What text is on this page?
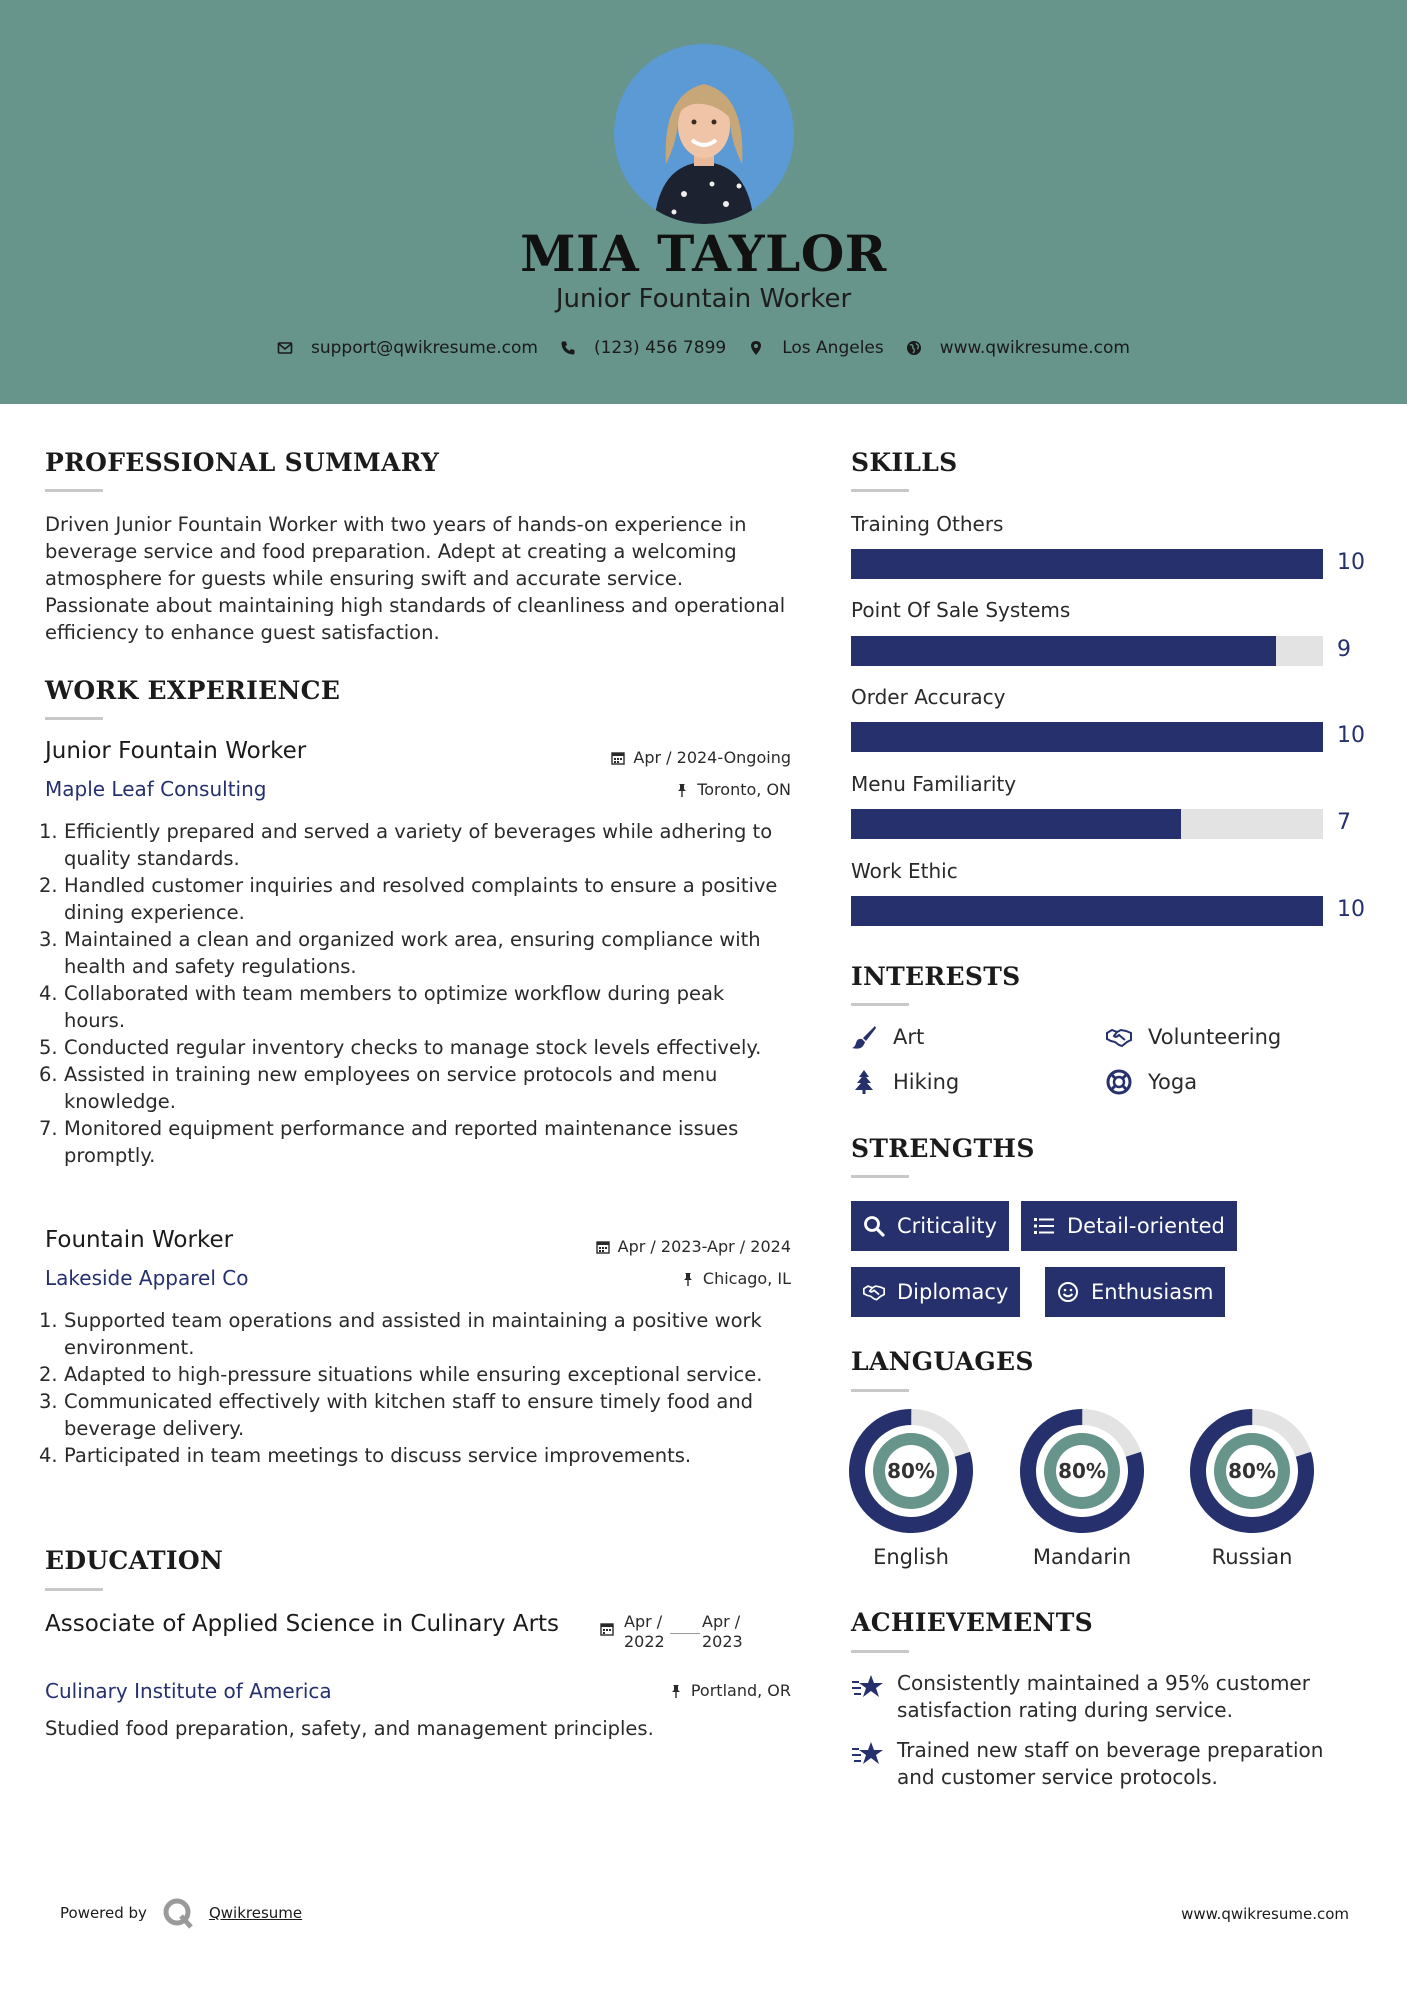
MIA TAYLOR
Junior Fountain Worker
support@qwikresume.com	(123) 456 7899	Los Angeles	www.qwikresume.com
PROFESSIONAL SUMMARY
Driven Junior Fountain Worker with two years of hands-on experience in beverage service and food preparation. Adept at creating a welcoming atmosphere for guests while ensuring swift and accurate service. Passionate about maintaining high standards of cleanliness and operational efficiency to enhance guest satisfaction.
WORK EXPERIENCE
Junior Fountain Worker	Apr / 2024-Ongoing
Maple Leaf Consulting	Toronto, ON
1. Efficiently prepared and served a variety of beverages while adhering to quality standards.
2. Handled customer inquiries and resolved complaints to ensure a positive dining experience.
3. Maintained a clean and organized work area, ensuring compliance with health and safety regulations.
4. Collaborated with team members to optimize workflow during peak hours.
5. Conducted regular inventory checks to manage stock levels effectively.
6. Assisted in training new employees on service protocols and menu knowledge.
7. Monitored equipment performance and reported maintenance issues promptly.
Fountain Worker	Apr / 2023-Apr / 2024
Lakeside Apparel Co	Chicago, IL
1. Supported team operations and assisted in maintaining a positive work environment.
2. Adapted to high-pressure situations while ensuring exceptional service.
3. Communicated effectively with kitchen staff to ensure timely food and beverage delivery.
4. Participated in team meetings to discuss service improvements.
EDUCATION
Associate of Applied Science in Culinary Arts	Apr / 2022
Apr / 2023
Culinary Institute of America	Portland, OR
Studied food preparation, safety, and management principles.
SKILLS
Training Others
10
Point Of Sale Systems
9
Order Accuracy
10
Menu Familiarity
7
Work Ethic
10
INTERESTS
Art	Volunteering
Hiking	Yoga
STRENGTHS
Criticality	Detail-oriented
Diplomacy	Enthusiasm
LANGUAGES
80%
English
80%
Mandarin
80%
Russian
ACHIEVEMENTS
Consistently maintained a 95% customer satisfaction rating during service.
Trained new staff on beverage preparation and customer service protocols.
Powered by	Qwikresume	www.qwikresume.com
